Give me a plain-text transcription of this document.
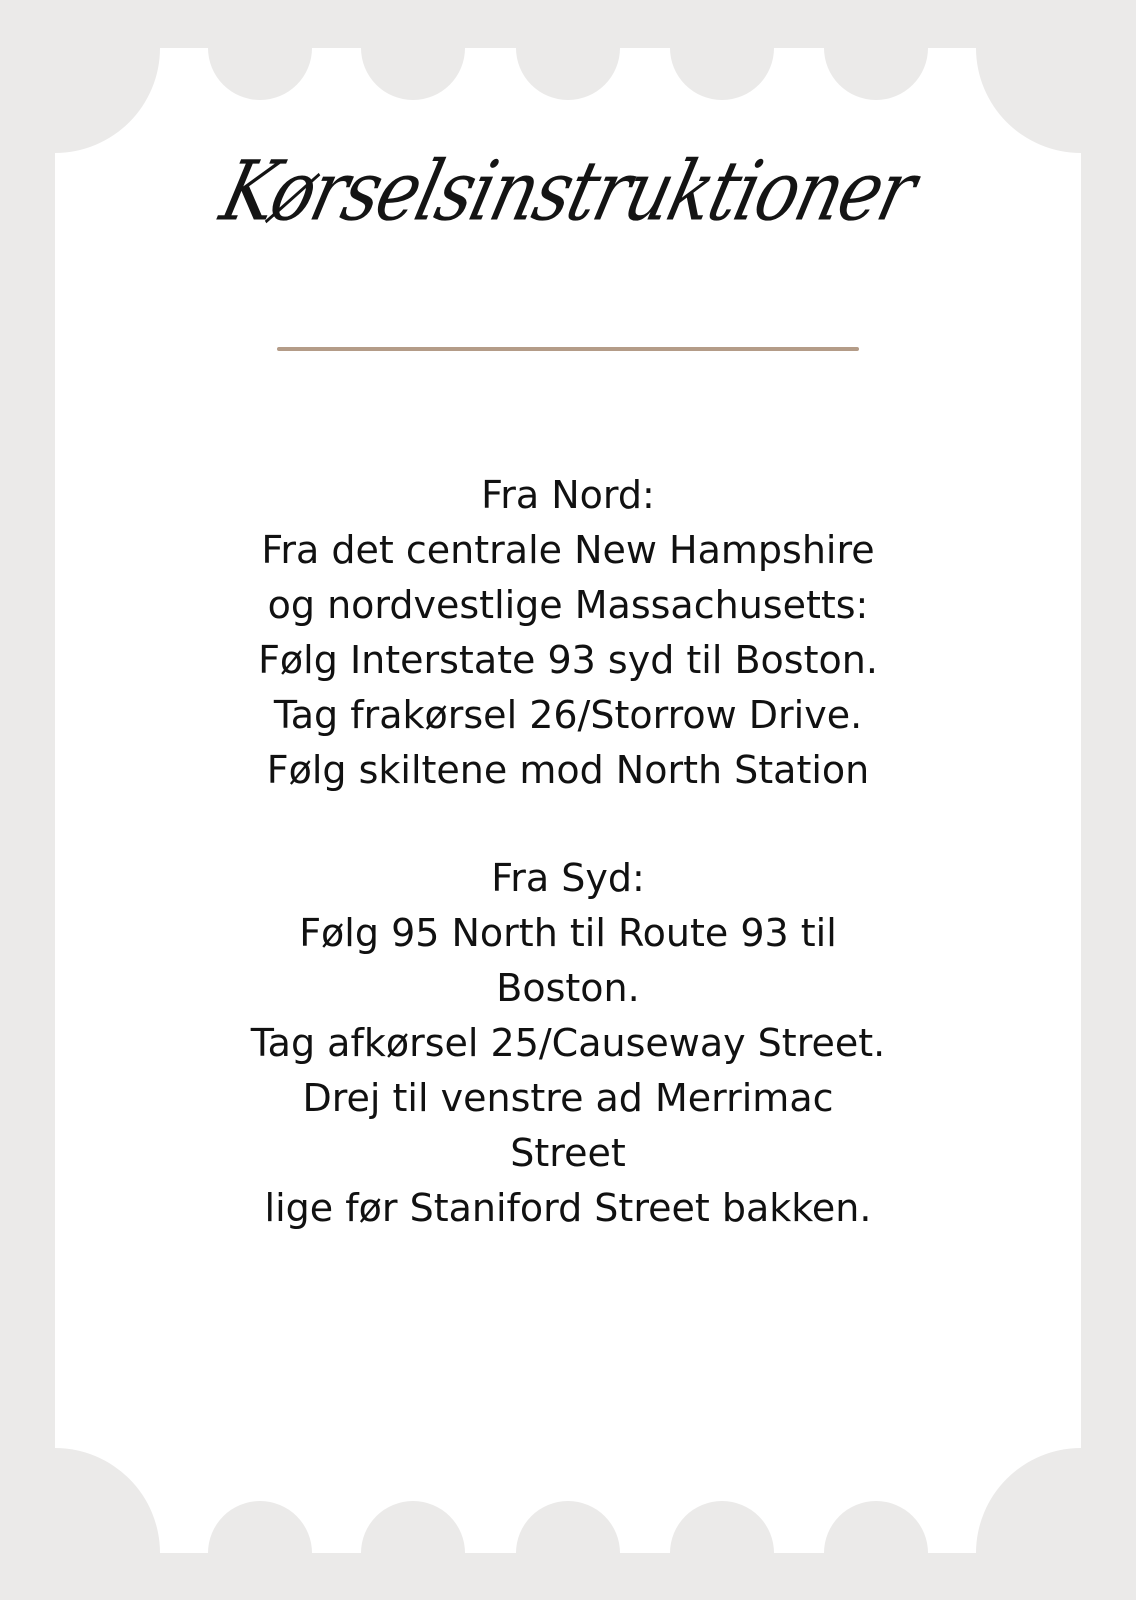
Kørselsinstruktioner
Fra Nord:
Fra det centrale New Hampshire
og nordvestlige Massachusetts:
Følg Interstate 93 syd til Boston.
Tag frakørsel 26/Storrow Drive.
Følg skiltene mod North Station
Fra Syd:
Følg 95 North til Route 93 til
Boston.
Tag afkørsel 25/Causeway Street.
Drej til venstre ad Merrimac
Street
lige før Staniford Street bakken.
